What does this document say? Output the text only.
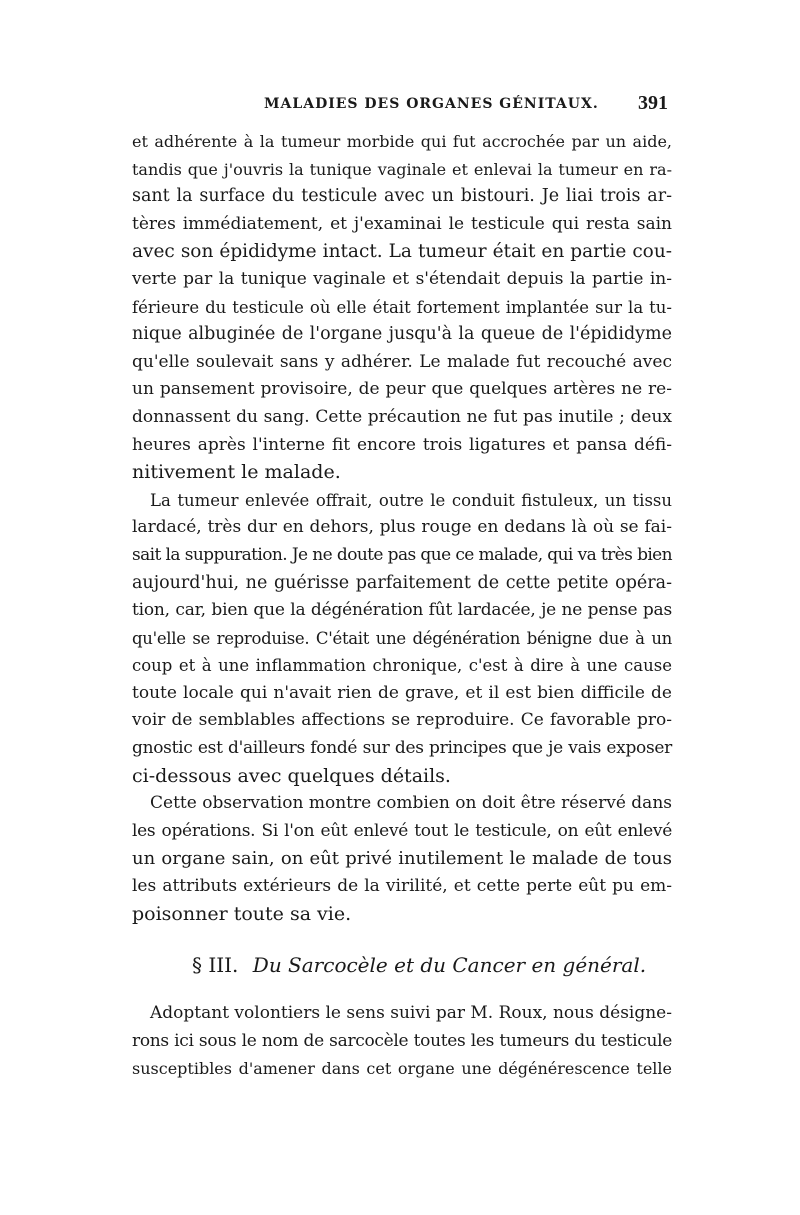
MALADIES DES ORGANES GÉNITAUX. 391
et adhérente à la tumeur morbide qui fut accrochée par un aide,
tandis que j'ouvris la tunique vaginale et enlevai la tumeur en ra-
sant la surface du testicule avec un bistouri. Je liai trois ar-
tères immédiatement, et j'examinai le testicule qui resta sain
avec son épididyme intact. La tumeur était en partie cou-
verte par la tunique vaginale et s'étendait depuis la partie in-
férieure du testicule où elle était fortement implantée sur la tu-
nique albuginée de l'organe jusqu'à la queue de l'épididyme
qu'elle soulevait sans y adhérer. Le malade fut recouché avec
un pansement provisoire, de peur que quelques artères ne re-
donnassent du sang. Cette précaution ne fut pas inutile ; deux
heures après l'interne fit encore trois ligatures et pansa défi-
nitivement le malade.
La tumeur enlevée offrait, outre le conduit fistuleux, un tissu
lardacé, très dur en dehors, plus rouge en dedans là où se fai-
sait la suppuration. Je ne doute pas que ce malade, qui va très bien
aujourd'hui, ne guérisse parfaitement de cette petite opéra-
tion, car, bien que la dégénération fût lardacée, je ne pense pas
qu'elle se reproduise. C'était une dégénération bénigne due à un
coup et à une inflammation chronique, c'est à dire à une cause
toute locale qui n'avait rien de grave, et il est bien difficile de
voir de semblables affections se reproduire. Ce favorable pro-
gnostic est d'ailleurs fondé sur des principes que je vais exposer
ci-dessous avec quelques détails.
Cette observation montre combien on doit être réservé dans
les opérations. Si l'on eût enlevé tout le testicule, on eût enlevé
un organe sain, on eût privé inutilement le malade de tous
les attributs extérieurs de la virilité, et cette perte eût pu em-
poisonner toute sa vie.
§ III. Du Sarcocèle et du Cancer en général.
Adoptant volontiers le sens suivi par M. Roux, nous désigne-
rons ici sous le nom de sarcocèle toutes les tumeurs du testicule
susceptibles d'amener dans cet organe une dégénérescence telle
